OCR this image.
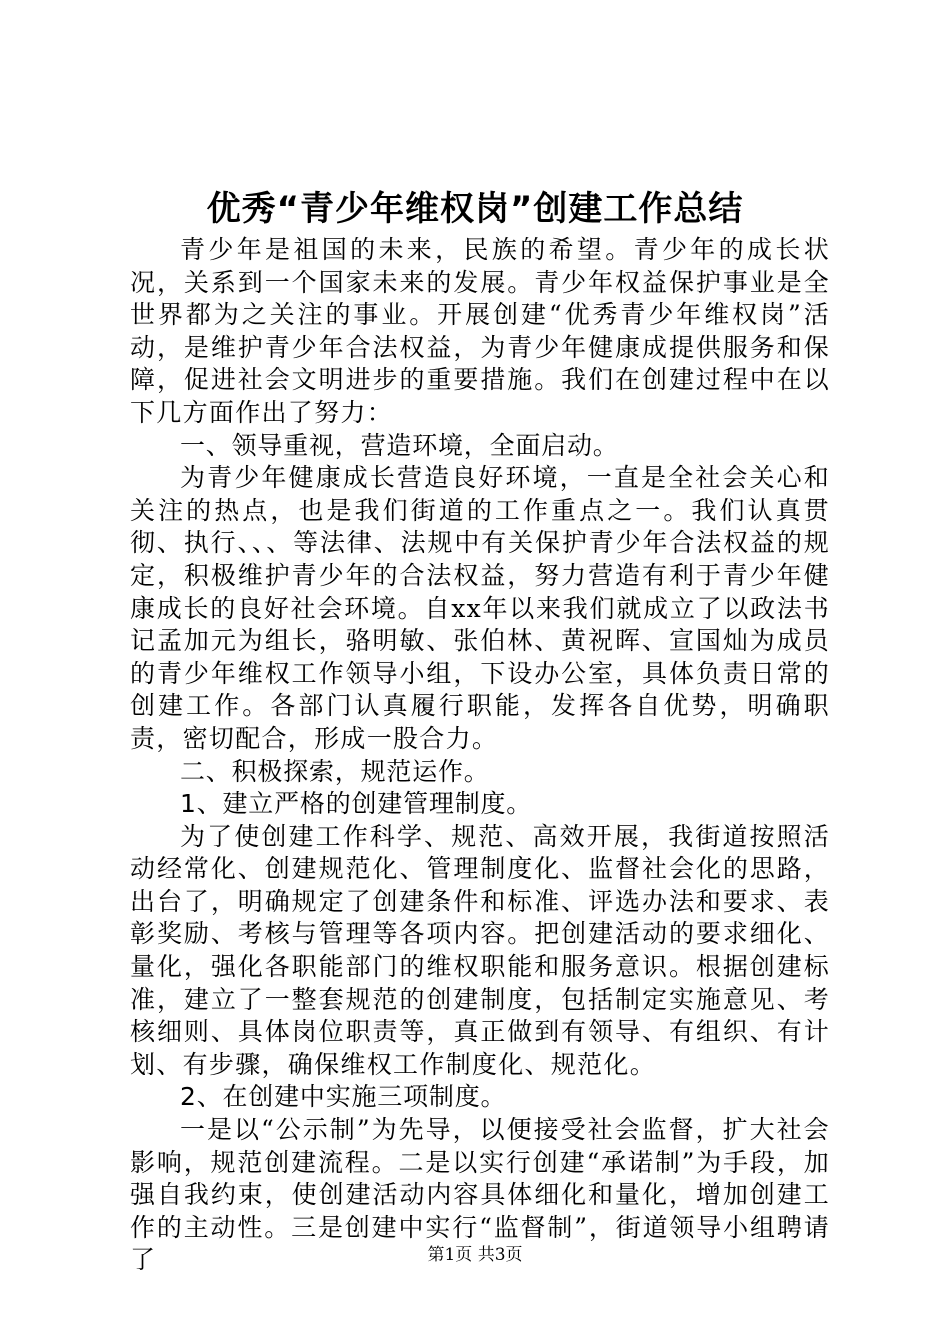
优秀“青少年维权岗”创建工作总结

青少年是祖国的未来，民族的希望。青少年的成长状况，关系到一个国家未来的发展。青少年权益保护事业是全世界都为之关注的事业。开展创建“优秀青少年维权岗”活动，是维护青少年合法权益，为青少年健康成提供服务和保障，促进社会文明进步的重要措施。我们在创建过程中在以下几方面作出了努力：

一、领导重视，营造环境，全面启动。

为青少年健康成长营造良好环境，一直是全社会关心和关注的热点，也是我们街道的工作重点之一。我们认真贯彻、执行、、、等法律、法规中有关保护青少年合法权益的规定，积极维护青少年的合法权益，努力营造有利于青少年健康成长的良好社会环境。自xx年以来我们就成立了以政法书记孟加元为组长，骆明敏、张伯林、黄祝晖、宣国灿为成员的青少年维权工作领导小组，下设办公室，具体负责日常的创建工作。各部门认真履行职能，发挥各自优势，明确职责，密切配合，形成一股合力。

二、积极探索，规范运作。

1、建立严格的创建管理制度。

为了使创建工作科学、规范、高效开展，我街道按照活动经常化、创建规范化、管理制度化、监督社会化的思路，出台了，明确规定了创建条件和标准、评选办法和要求、表彰奖励、考核与管理等各项内容。把创建活动的要求细化、量化，强化各职能部门的维权职能和服务意识。根据创建标准，建立了一整套规范的创建制度，包括制定实施意见、考核细则、具体岗位职责等，真正做到有领导、有组织、有计划、有步骤，确保维权工作制度化、规范化。

2、在创建中实施三项制度。

一是以“公示制”为先导，以便接受社会监督，扩大社会影响，规范创建流程。二是以实行创建“承诺制”为手段，加强自我约束，使创建活动内容具体细化和量化，增加创建工作的主动性。三是创建中实行“监督制”，街道领导小组聘请了	第1页 共3页
